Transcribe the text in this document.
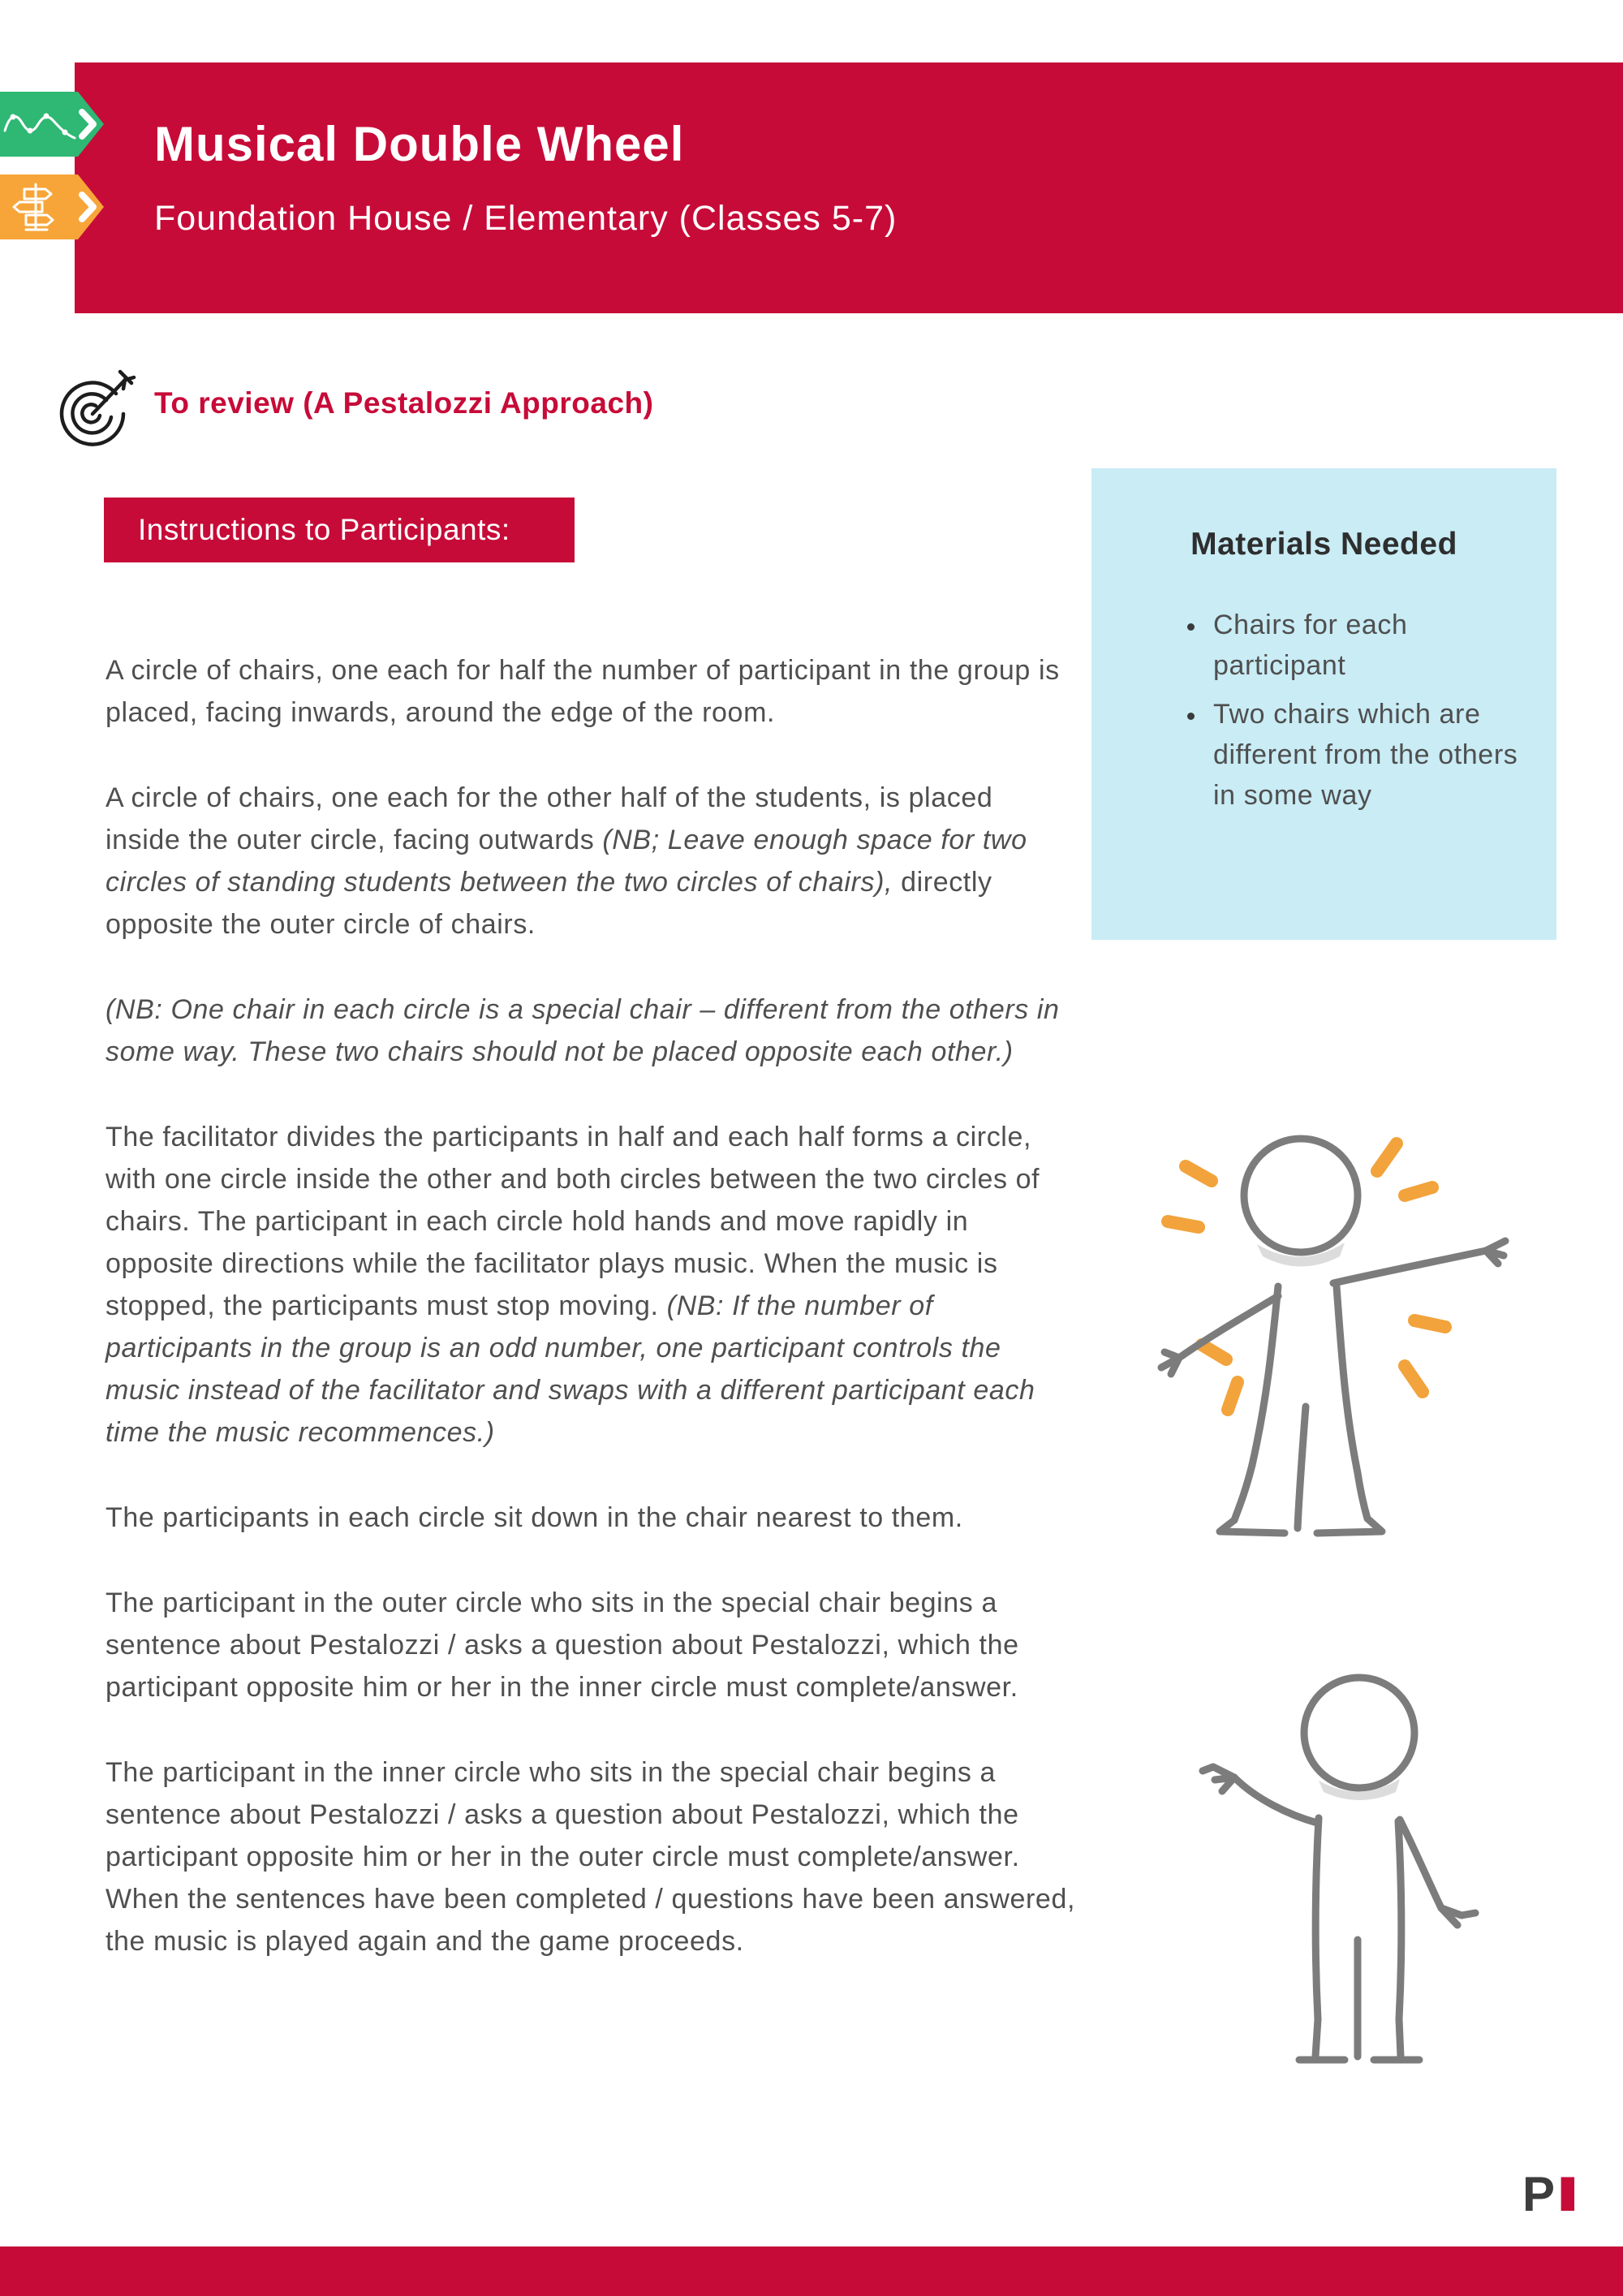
Musical Double Wheel
Foundation House / Elementary (Classes 5-7)
To review (A Pestalozzi Approach)
Instructions to Participants:

A circle of chairs, one each for half the number of participant in the group is placed, facing inwards, around the edge of the room.

A circle of chairs, one each for the other half of the students, is placed inside the outer circle, facing outwards (NB; Leave enough space for two circles of standing students between the two circles of chairs), directly opposite the outer circle of chairs.

(NB: One chair in each circle is a special chair – different from the others in some way. These two chairs should not be placed opposite each other.)

The facilitator divides the participants in half and each half forms a circle, with one circle inside the other and both circles between the two circles of chairs. The participant in each circle hold hands and move rapidly in opposite directions while the facilitator plays music. When the music is stopped, the participants must stop moving. (NB: If the number of participants in the group is an odd number, one participant controls the music instead of the facilitator and swaps with a different participant each time the music recommences.)

The participants in each circle sit down in the chair nearest to them.

The participant in the outer circle who sits in the special chair begins a sentence about Pestalozzi / asks a question about Pestalozzi, which the participant opposite him or her in the inner circle must complete/answer.

The participant in the inner circle who sits in the special chair begins a sentence about Pestalozzi / asks a question about Pestalozzi, which the participant opposite him or her in the outer circle must complete/answer. When the sentences have been completed / questions have been answered, the music is played again and the game proceeds.

Materials Needed
• Chairs for each participant
• Two chairs which are different from the others in some way
P I
